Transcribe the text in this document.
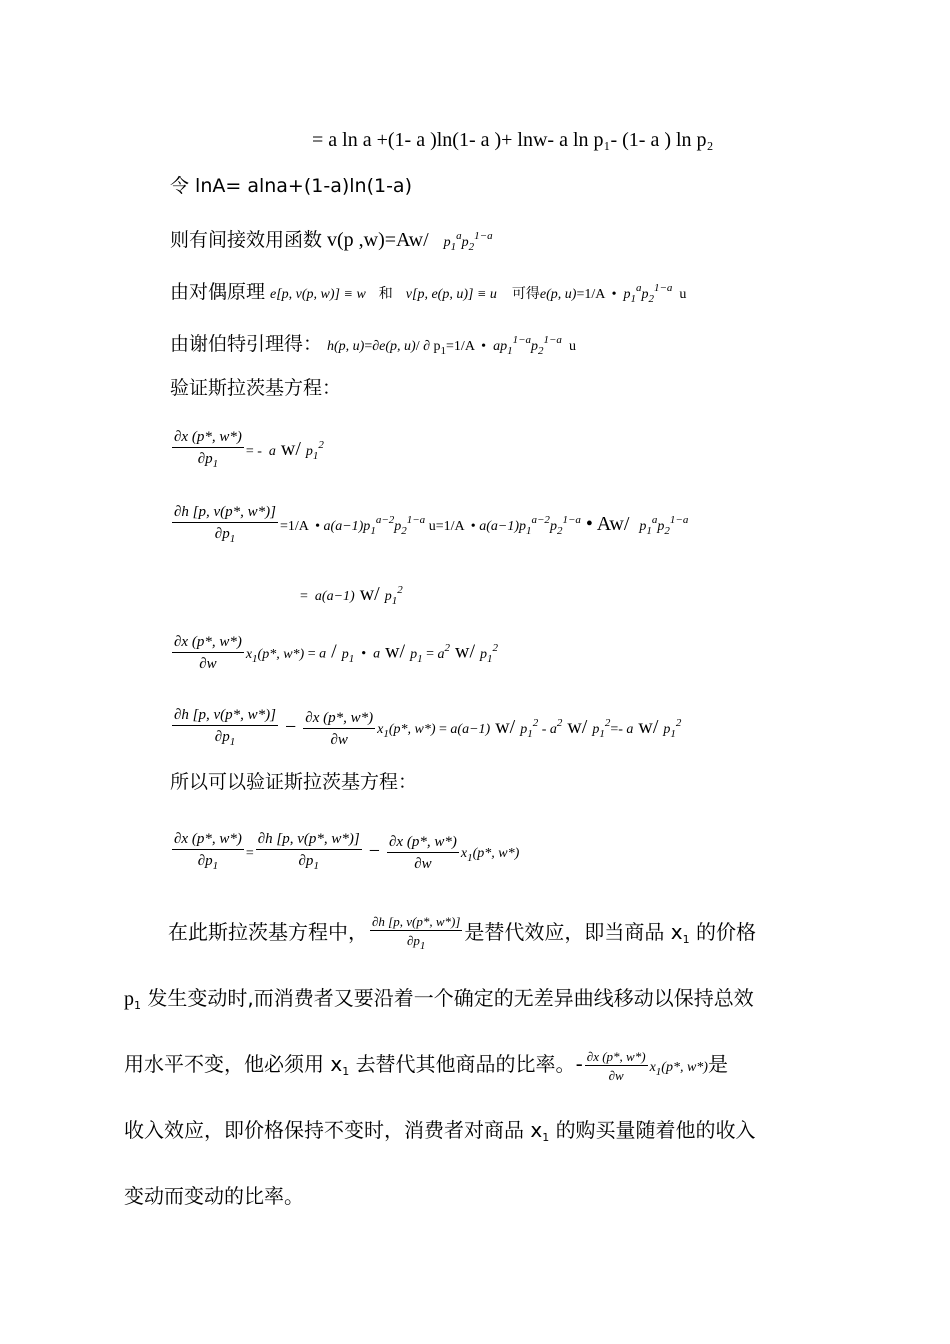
= a ln a +(1- a )ln(1- a )+ lnw- a ln p₁- (1- a ) ln p₂
令 lnA= alna+(1-a)ln(1-a)
则有间接效用函数 v(p ,w)=Aw/ $p_1^ap_2^{1-a}$
由对偶原理 e[p, v(p, w)] ≡ w 和 v[p, e(p, u)] ≡ u 可得e(p, u)=1/A  •  $p_1^ap_2^{1-a}$  u
由谢伯特引理得： h(p, u)=∂e(p, u)/ ∂ $p_1=1/A$  •  $ap_1^{1-a}p_2^{1-a}$  u
验证斯拉茨基方程：
$\frac{\partial x (p*, w*)}{\partial p_1}$ = -  a w/ $p_1^2$
$\frac{\partial h [p, v(p*, w*)]}{\partial p_1} =1/A$  • $a(a-1)p_1^{a-2}p_2^{1-a}$ u=1/A  • $a(a-1)p_1^{a-2}p_2^{1-a}$ • Aw/  $p_1^ap_2^{1-a}$
=  a(a−1) w/ $p_1^2$
$\frac{\partial x (p*, w*)}{\partial w} x_1(p*$, $w*) = a / p_1$  •  a w/ $p_1 = a^2$ w/ $p_1^2$
$\frac{\partial h [p, v(p*, w*)]}{\partial p_1} - \frac{\partial x (p*, w*)}{\partial w} x_1(p*$, w*) = a(a−1) w/ $p_1^2 - a^2$ w/ $p_1^2=-$ a w/ $p_1^2$
所以可以验证斯拉茨基方程：
$\frac{\partial x (p*, w*)}{\partial p_1} = \frac{\partial h [p, v(p*, w*)]}{\partial p_1} - \frac{\partial x (p*, w*)}{\partial w} x_1(p*$, w*)
在此斯拉茨基方程中， $\frac{\partial h [p, v(p*, w*)]}{\partial p_1}$ 是替代效应，即当商品 $x_1$ 的价格
$p_1$ 发生变动时,而消费者又要沿着一个确定的无差异曲线移动以保持总效
用水平不变，他必须用 $x_1$ 去替代其他商品的比率。- $\frac{\partial x (p*, w*)}{\partial w} x_1(p*$, w*)是
收入效应，即价格保持不变时，消费者对商品 $x_1$ 的购买量随着他的收入
变动而变动的比率。
